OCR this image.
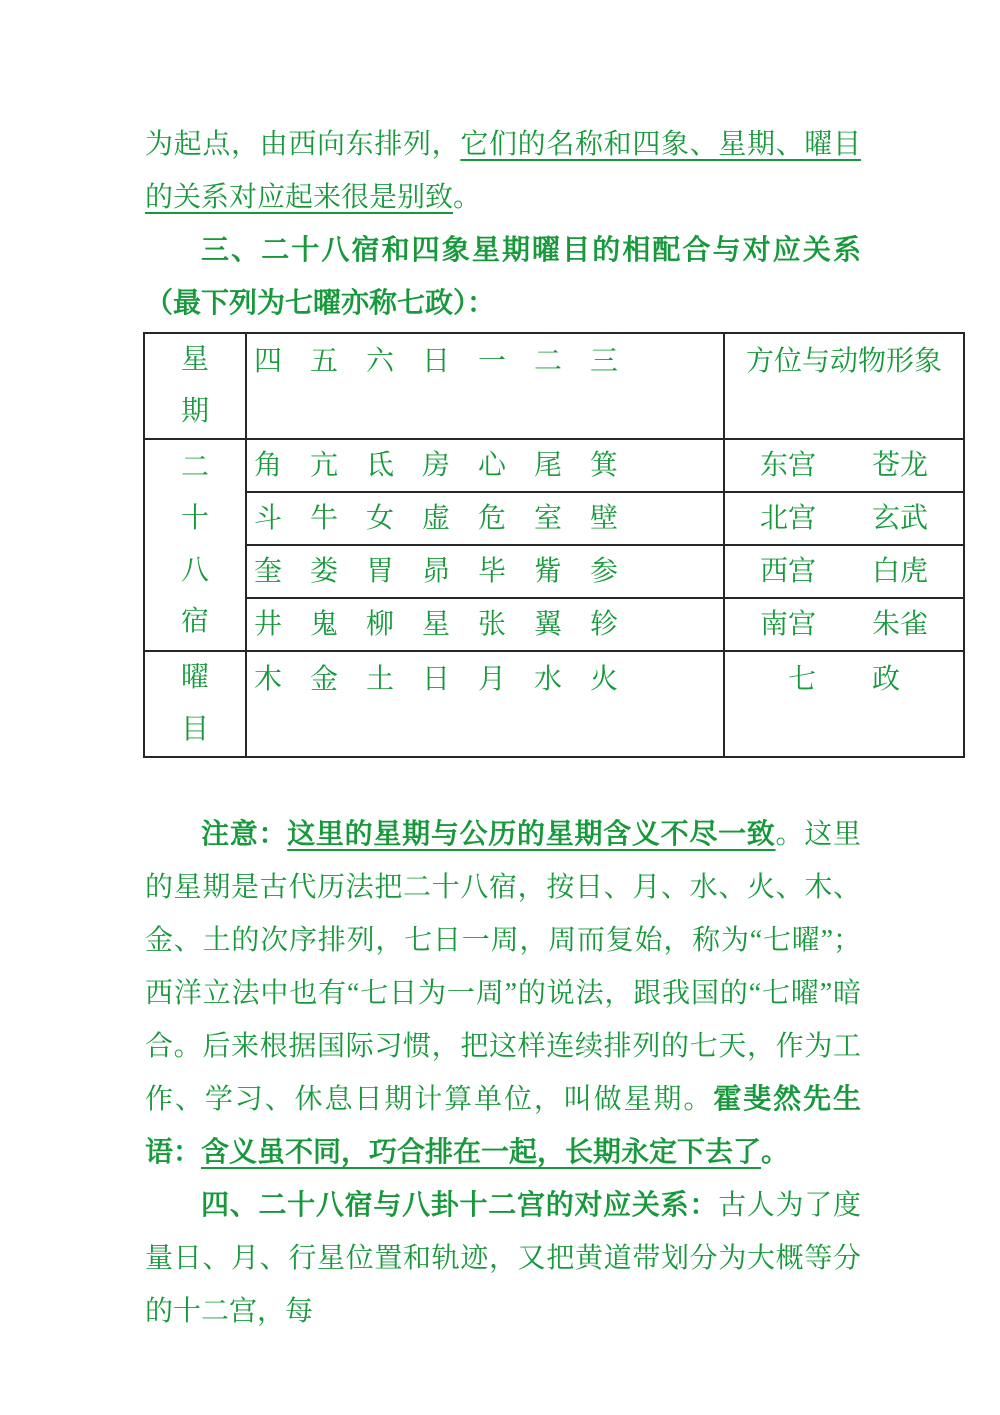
为起点，由西向东排列，它们的名称和四象、星期、曜目的关系对应起来很是别致。

三、二十八宿和四象星期曜目的相配合与对应关系（最下列为七曜亦称七政）：

星
期	四　五　六　日　一　二　三	方位与动物形象

二
十
八
宿	角　亢　氐　房　心　尾　箕	东宫　　苍龙
	斗　牛　女　虚　危　室　壁	北宫　　玄武
	奎　娄　胃　昴　毕　觜　参	西宫　　白虎
	井　鬼　柳　星　张　翼　轸	南宫　　朱雀

曜
目	木　金　土　日　月　水　火	七　　政

注意：这里的星期与公历的星期含义不尽一致。这里的星期是古代历法把二十八宿，按日、月、水、火、木、金、土的次序排列，七日一周，周而复始，称为“七曜”；西洋立法中也有“七日为一周”的说法，跟我国的“七曜”暗合。后来根据国际习惯，把这样连续排列的七天，作为工作、学习、休息日期计算单位，叫做星期。霍斐然先生语：含义虽不同，巧合排在一起，长期永定下去了。

四、二十八宿与八卦十二宫的对应关系：古人为了度量日、月、行星位置和轨迹，又把黄道带划分为大概等分的十二宫，每
